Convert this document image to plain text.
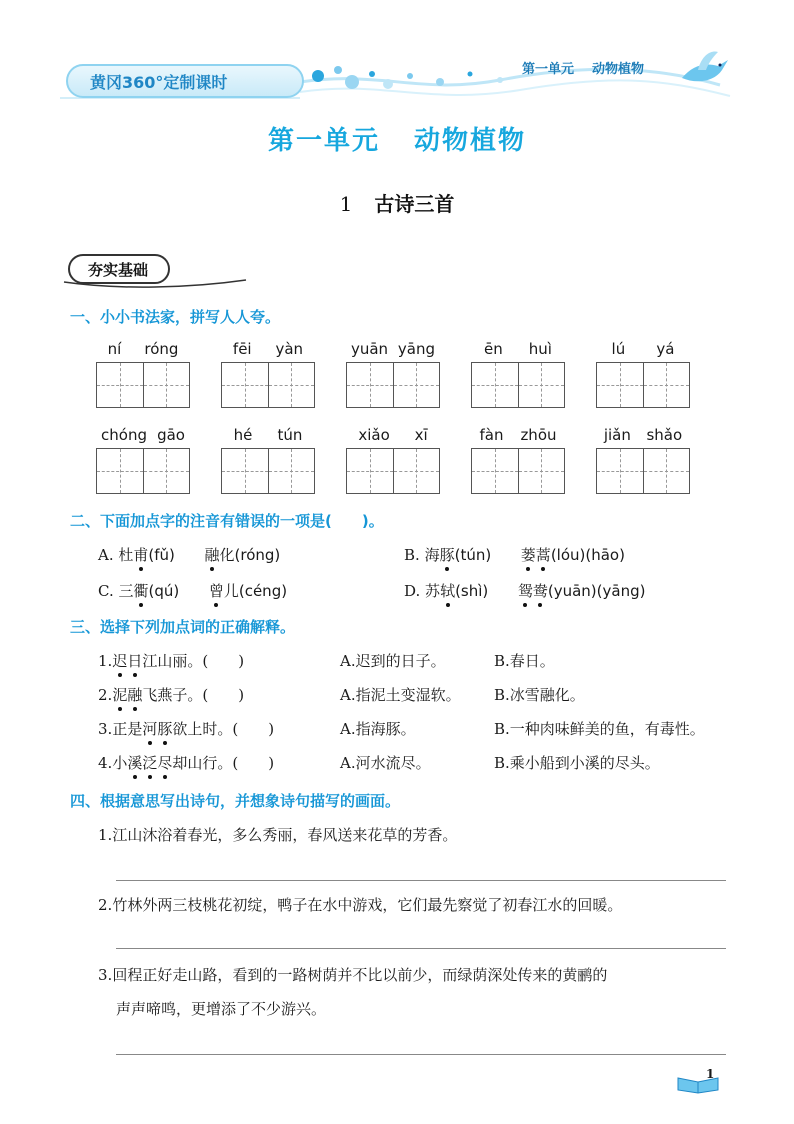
黄冈360°定制课时
第一单元 动物植物
第一单元 动物植物
1 古诗三首
夯实基础
一、小小书法家，拼写人人夸。
ní róng	fēi yàn	yuān yāng	ēn huì	lú yá
chóng gāo	hé tún	xiǎo xī	fàn zhōu	jiǎn shǎo
二、下面加点字的注音有错误的一项是(　　)。
A. 杜甫(fǔ) 融化(róng)	B. 海豚(tún) 蒌蒿(lóu)(hāo)
C. 三衢(qú) 曾儿(céng)	D. 苏轼(shì) 鸳鸯(yuān)(yāng)
三、选择下列加点词的正确解释。
1.迟日江山丽。(　　)	A.迟到的日子。	B.春日。
2.泥融飞燕子。(　　)	A.指泥土变湿软。 B.冰雪融化。
3.正是河豚欲上时。(　　)	A.指海豚。	B.一种肉味鲜美的鱼，有毒性。
4.小溪泛尽却山行。(　　)	A.河水流尽。	B.乘小船到小溪的尽头。
四、根据意思写出诗句，并想象诗句描写的画面。
1.江山沐浴着春光，多么秀丽，春风送来花草的芳香。
2.竹林外两三枝桃花初绽，鸭子在水中游戏，它们最先察觉了初春江水的回暖。
3.回程正好走山路，看到的一路树荫并不比以前少，而绿荫深处传来的黄鹂的
声声啼鸣，更增添了不少游兴。
1
